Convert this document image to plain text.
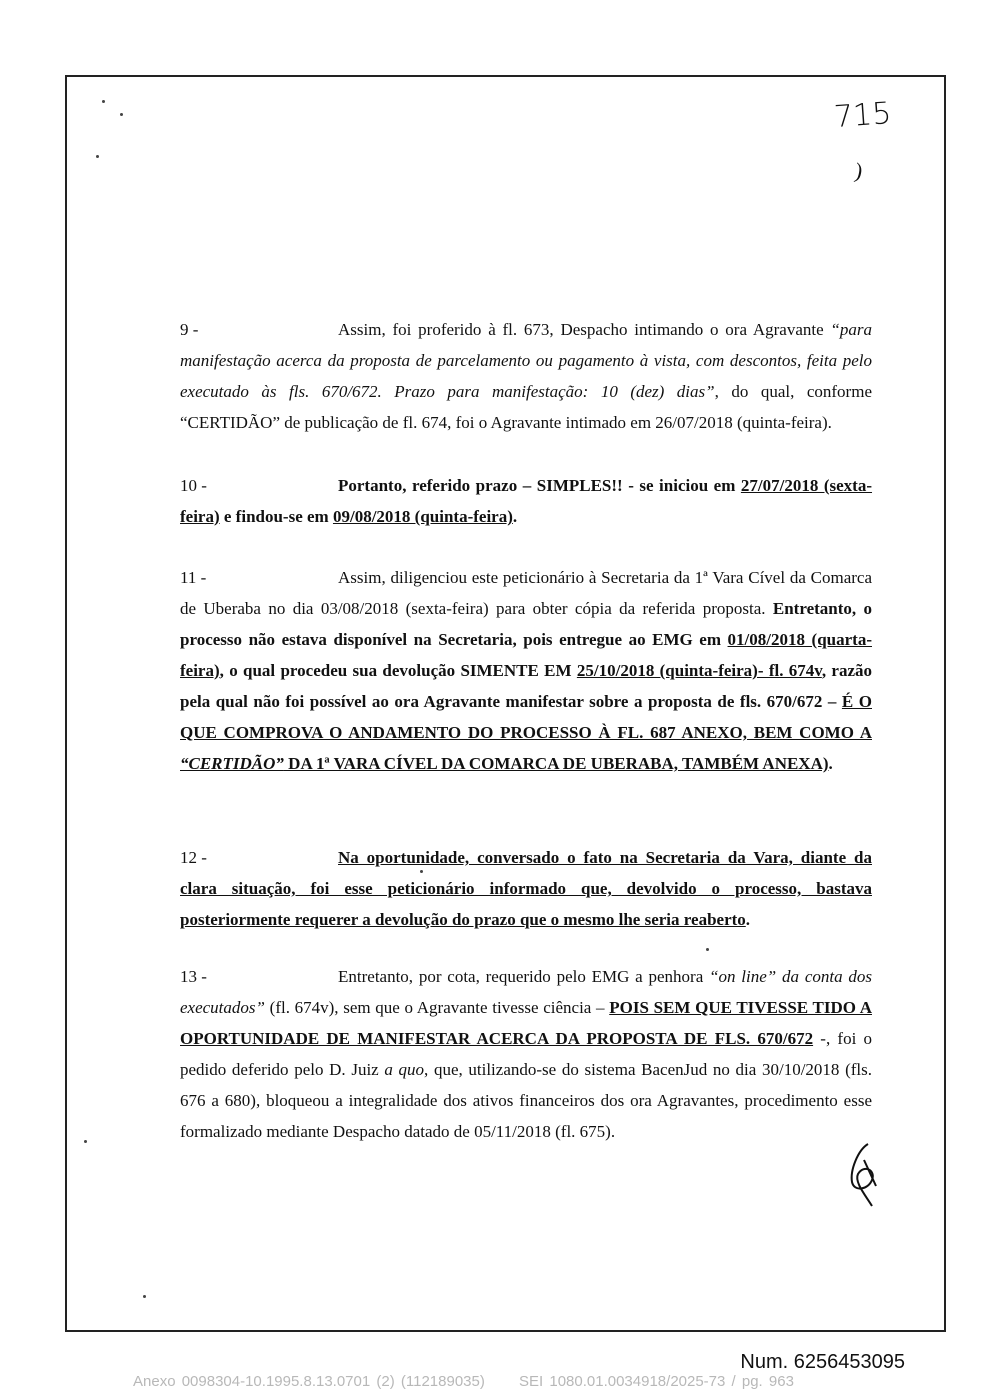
715
)
9 -	Assim, foi proferido à fl. 673, Despacho intimando o ora Agravante “para manifestação acerca da proposta de parcelamento ou pagamento à vista, com descontos, feita pelo executado às fls. 670/672. Prazo para manifestação: 10 (dez) dias”, do qual, conforme “CERTIDÃO” de publicação de fl. 674, foi o Agravante intimado em 26/07/2018 (quinta-feira).
10 -	Portanto, referido prazo – SIMPLES!! - se iniciou em 27/07/2018 (sexta-feira) e findou-se em 09/08/2018 (quinta-feira).
11 -	Assim, diligenciou este peticionário à Secretaria da 1ª Vara Cível da Comarca de Uberaba no dia 03/08/2018 (sexta-feira) para obter cópia da referida proposta. Entretanto, o processo não estava disponível na Secretaria, pois entregue ao EMG em 01/08/2018 (quarta-feira), o qual procedeu sua devolução SIMENTE EM 25/10/2018 (quinta-feira)- fl. 674v, razão pela qual não foi possível ao ora Agravante manifestar sobre a proposta de fls. 670/672 – É O QUE COMPROVA O ANDAMENTO DO PROCESSO À FL. 687 ANEXO, BEM COMO A “CERTIDÃO” DA 1ª VARA CÍVEL DA COMARCA DE UBERABA, TAMBÉM ANEXA).
12 -	Na oportunidade, conversado o fato na Secretaria da Vara, diante da clara situação, foi esse peticionário informado que, devolvido o processo, bastava posteriormente requerer a devolução do prazo que o mesmo lhe seria reaberto.
13 -	Entretanto, por cota, requerido pelo EMG a penhora “on line” da conta dos executados” (fl. 674v), sem que o Agravante tivesse ciência – POIS SEM QUE TIVESSE TIDO A OPORTUNIDADE DE MANIFESTAR ACERCA DA PROPOSTA DE FLS. 670/672 -, foi o pedido deferido pelo D. Juiz a quo, que, utilizando-se do sistema BacenJud no dia 30/10/2018 (fls. 676 a 680), bloqueou a integralidade dos ativos financeiros dos ora Agravantes, procedimento esse formalizado mediante Despacho datado de 05/11/2018 (fl. 675).
Num. 6256453095
Anexo 0098304-10.1995.8.13.0701 (2) (112189035) SEI 1080.01.0034918/2025-73 / pg. 963
